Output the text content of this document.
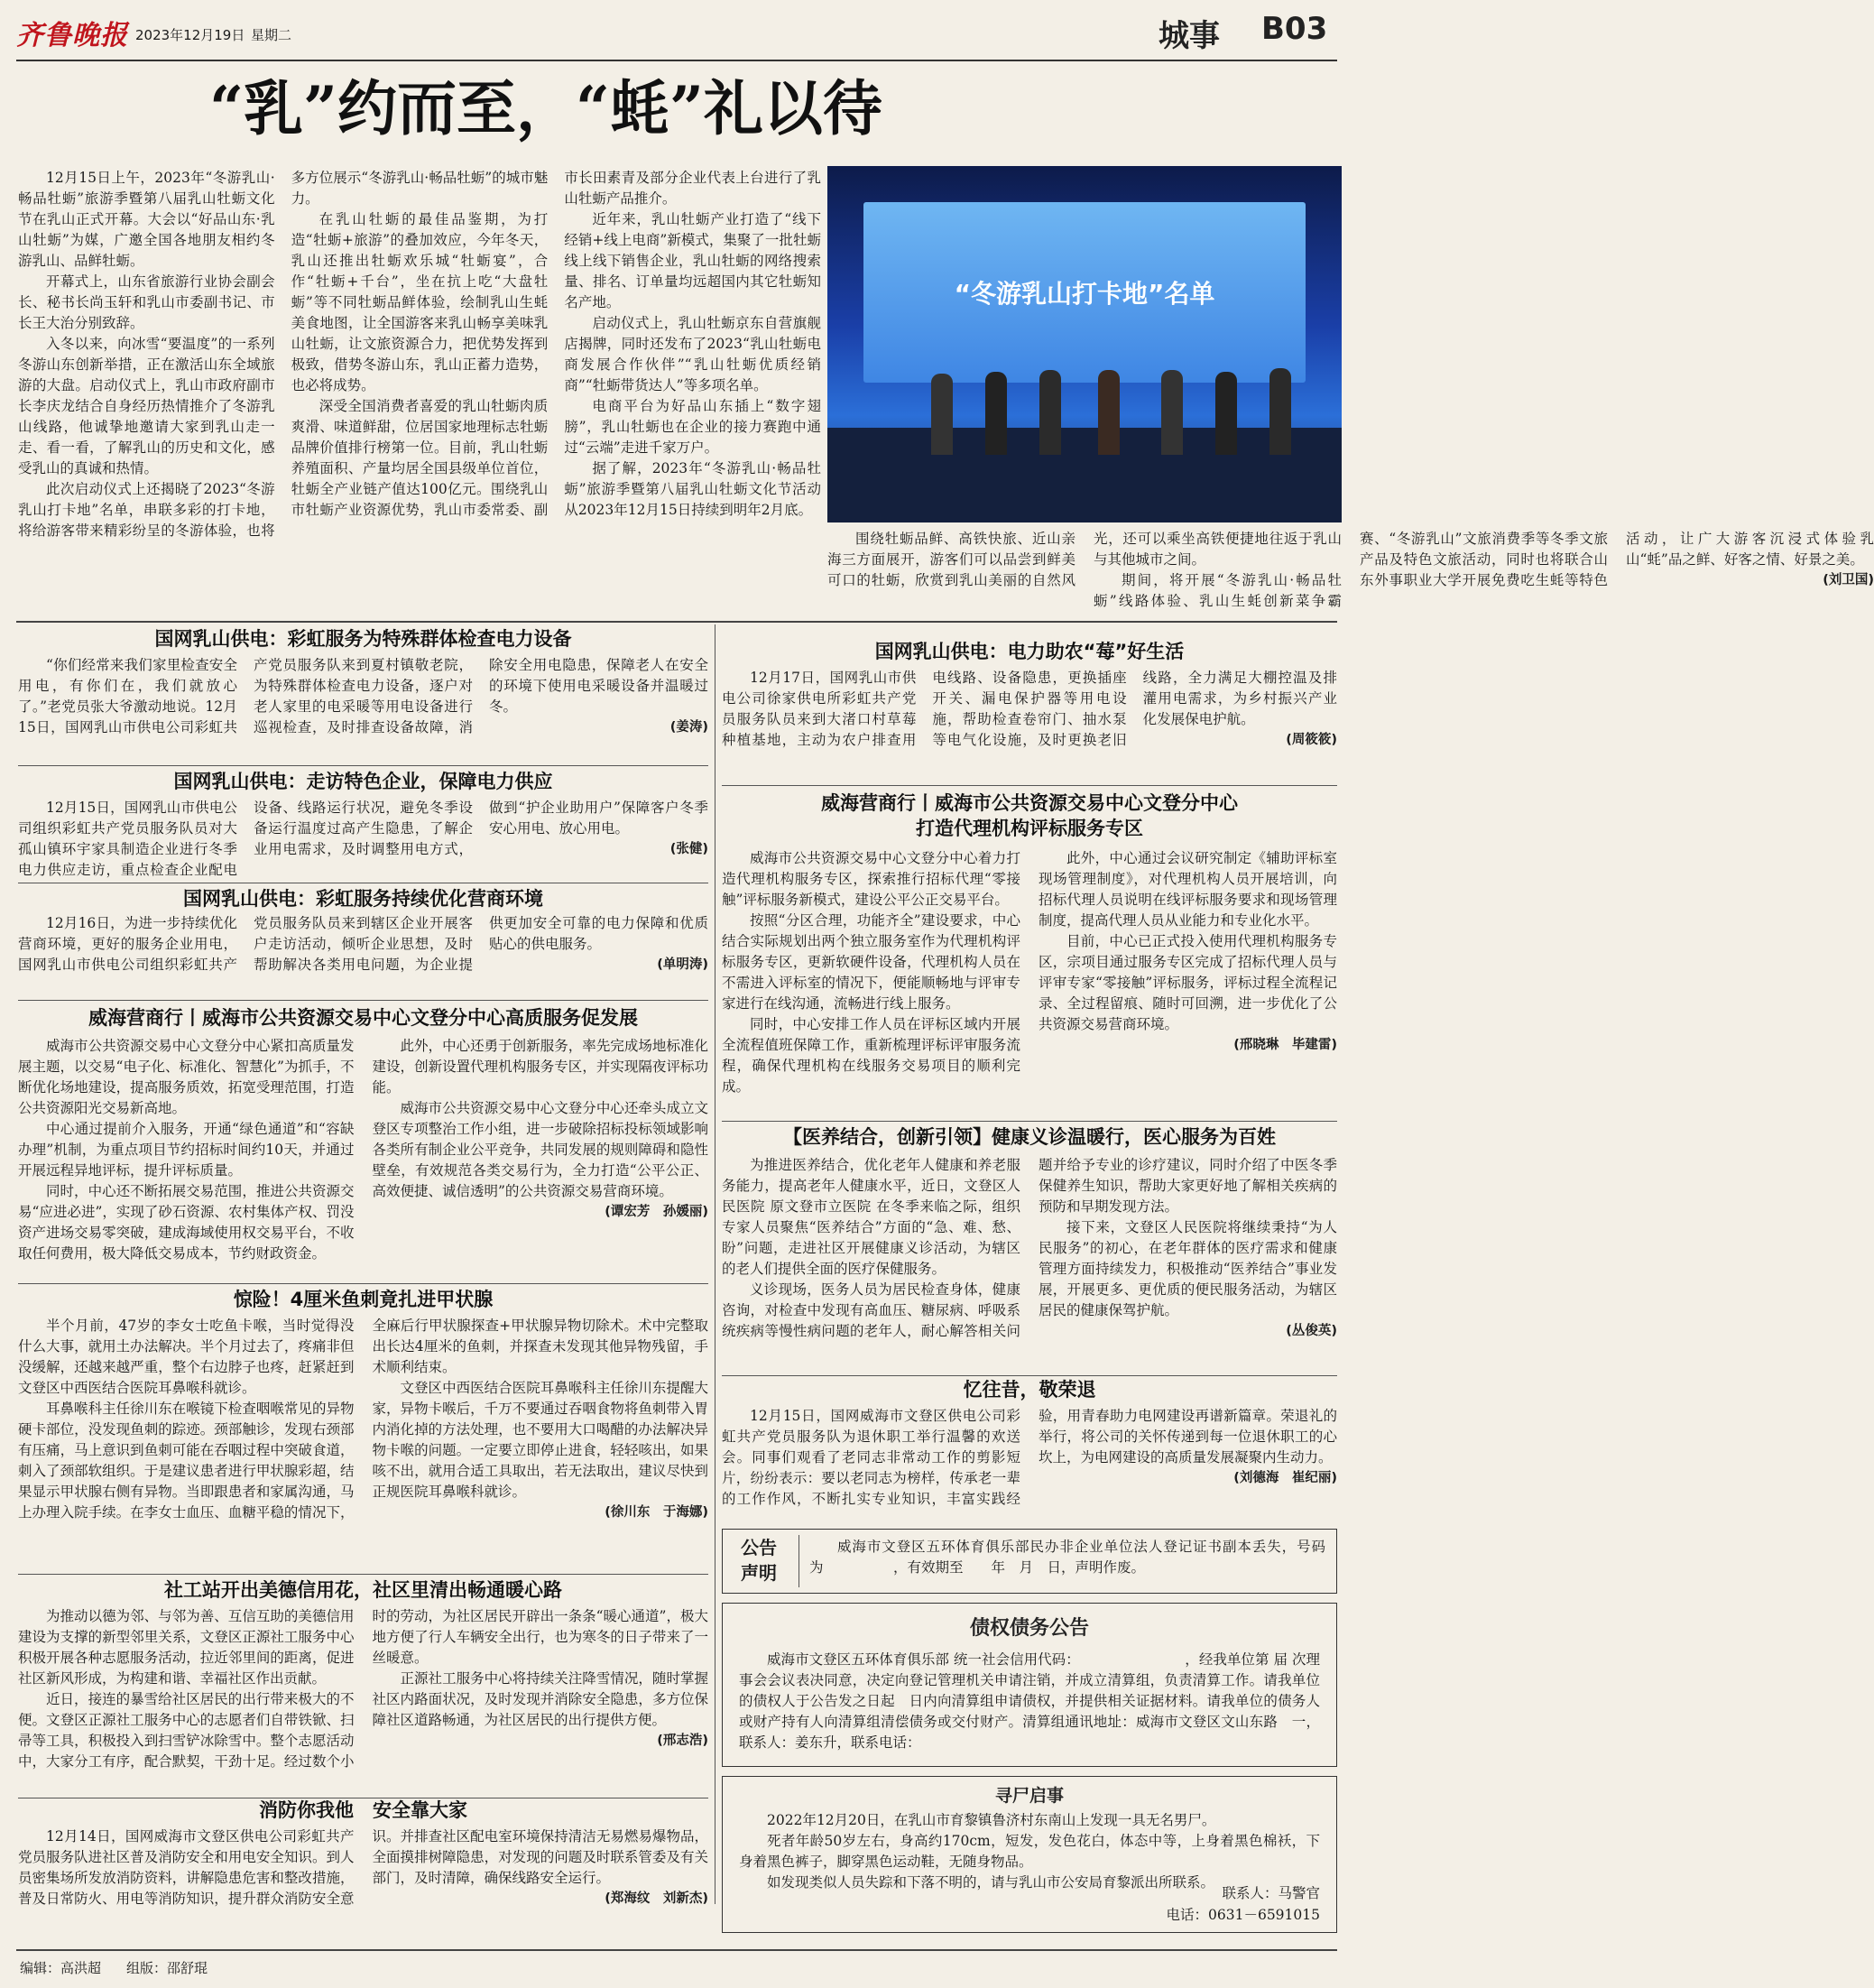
齐鲁晚报 2023年12月19日 星期二	城事 B03
“乳”约而至，“蚝”礼以待

12月15日上午，2023年“冬游乳山·畅品牡蛎”旅游季暨第八届乳山牡蛎文化节在乳山正式开幕。大会以“好品山东·乳山牡蛎”为媒，广邀全国各地朋友相约冬游乳山、品鲜牡蛎。

开幕式上，山东省旅游行业协会副会长、秘书长尚玉轩和乳山市委副书记、市长王大治分别致辞。

入冬以来，向冰雪“要温度”的一系列冬游山东创新举措，正在激活山东全域旅游的大盘。启动仪式上，乳山市政府副市长李庆龙结合自身经历热情推介了冬游乳山线路，他诚挚地邀请大家到乳山走一走、看一看，了解乳山的历史和文化，感受乳山的真诚和热情。

此次启动仪式上还揭晓了2023“冬游乳山打卡地”名单，串联多彩的打卡地，将给游客带来精彩纷呈的冬游体验，也将多方位展示“冬游乳山·畅品牡蛎”的城市魅力。

在乳山牡蛎的最佳品鉴期，为打造“牡蛎+旅游”的叠加效应，今年冬天，乳山还推出牡蛎欢乐城“牡蛎宴”，合作“牡蛎+千台”，坐在抗上吃“大盘牡蛎”等不同牡蛎品鲜体验，绘制乳山生蚝美食地图，让全国游客来乳山畅享美味乳山牡蛎，让文旅资源合力，把优势发挥到极致，借势冬游山东，乳山正蓄力造势，也必将成势。

深受全国消费者喜爱的乳山牡蛎肉质爽滑、味道鲜甜，位居国家地理标志牡蛎品牌价值排行榜第一位。目前，乳山牡蛎养殖面积、产量均居全国县级单位首位，牡蛎全产业链产值达100亿元。围绕乳山市牡蛎产业资源优势，乳山市委常委、副市长田素青及部分企业代表上台进行了乳山牡蛎产品推介。

近年来，乳山牡蛎产业打造了“线下经销+线上电商”新模式，集聚了一批牡蛎线上线下销售企业，乳山牡蛎的网络搜索量、排名、订单量均远超国内其它牡蛎知名产地。

启动仪式上，乳山牡蛎京东自营旗舰店揭牌，同时还发布了2023“乳山牡蛎电商发展合作伙伴”“乳山牡蛎优质经销商”“牡蛎带货达人”等多项名单。

电商平台为好品山东插上“数字翅膀”，乳山牡蛎也在企业的接力赛跑中通过“云端”走进千家万户。

据了解，2023年“冬游乳山·畅品牡蛎”旅游季暨第八届乳山牡蛎文化节活动从2023年12月15日持续到明年2月底。

“冬游乳山打卡地”名单

围绕牡蛎品鲜、高铁快旅、近山亲海三方面展开，游客们可以品尝到鲜美可口的牡蛎，欣赏到乳山美丽的自然风光，还可以乘坐高铁便捷地往返于乳山与其他城市之间。

期间，将开展“冬游乳山·畅品牡蛎”线路体验、乳山生蚝创新菜争霸赛、“冬游乳山”文旅消费季等冬季文旅产品及特色文旅活动，同时也将联合山东外事职业大学开展免费吃生蚝等特色活动，让广大游客沉浸式体验乳山“蚝”品之鲜、好客之情、好景之美。

(刘卫国)
国网乳山供电：彩虹服务为特殊群体检查电力设备

“你们经常来我们家里检查安全用电，有你们在，我们就放心了。”老党员张大爷激动地说。12月15日，国网乳山市供电公司彩虹共产党员服务队来到夏村镇敬老院，为特殊群体检查电力设备，逐户对老人家里的电采暖等用电设备进行巡视检查，及时排查设备故障，消除安全用电隐患，保障老人在安全的环境下使用电采暖设备并温暖过冬。

(姜涛)
国网乳山供电：走访特色企业，保障电力供应

12月15日，国网乳山市供电公司组织彩虹共产党员服务队员对大孤山镇环宇家具制造企业进行冬季电力供应走访，重点检查企业配电设备、线路运行状况，避免冬季设备运行温度过高产生隐患，了解企业用电需求，及时调整用电方式，做到“护企业助用户”保障客户冬季安心用电、放心用电。

(张健)
国网乳山供电：彩虹服务持续优化营商环境

12月16日，为进一步持续优化营商环境，更好的服务企业用电，国网乳山市供电公司组织彩虹共产党员服务队员来到辖区企业开展客户走访活动，倾听企业思想，及时帮助解决各类用电问题，为企业提供更加安全可靠的电力保障和优质贴心的供电服务。

(单明涛)
威海营商行丨威海市公共资源交易中心文登分中心高质服务促发展

威海市公共资源交易中心文登分中心紧扣高质量发展主题，以交易“电子化、标准化、智慧化”为抓手，不断优化场地建设，提高服务质效，拓宽受理范围，打造公共资源阳光交易新高地。

中心通过提前介入服务，开通“绿色通道”和“容缺办理”机制，为重点项目节约招标时间约10天，并通过开展远程异地评标，提升评标质量。

同时，中心还不断拓展交易范围，推进公共资源交易“应进必进”，实现了砂石资源、农村集体产权、罚没资产进场交易零突破，建成海域使用权交易平台，不收取任何费用，极大降低交易成本，节约财政资金。

此外，中心还勇于创新服务，率先完成场地标准化建设，创新设置代理机构服务专区，并实现隔夜评标功能。

威海市公共资源交易中心文登分中心还牵头成立文登区专项整治工作小组，进一步破除招标投标领域影响各类所有制企业公平竞争，共同发展的规则障碍和隐性壁垒，有效规范各类交易行为，全力打造“公平公正、高效便捷、诚信透明”的公共资源交易营商环境。

(谭宏芳　孙媛丽)
惊险！4厘米鱼刺竟扎进甲状腺

半个月前，47岁的李女士吃鱼卡喉，当时觉得没什么大事，就用土办法解决。半个月过去了，疼痛非但没缓解，还越来越严重，整个右边脖子也疼，赶紧赶到文登区中西医结合医院耳鼻喉科就诊。

耳鼻喉科主任徐川东在喉镜下检查咽喉常见的异物硬卡部位，没发现鱼刺的踪迹。颈部触诊，发现右颈部有压痛，马上意识到鱼刺可能在吞咽过程中突破食道，刺入了颈部软组织。于是建议患者进行甲状腺彩超，结果显示甲状腺右侧有异物。当即跟患者和家属沟通，马上办理入院手续。在李女士血压、血糖平稳的情况下，全麻后行甲状腺探查+甲状腺异物切除术。术中完整取出长达4厘米的鱼刺，并探查未发现其他异物残留，手术顺利结束。

文登区中西医结合医院耳鼻喉科主任徐川东提醒大家，异物卡喉后，千万不要通过吞咽食物将鱼刺带入胃内消化掉的方法处理，也不要用大口喝醋的办法解决异物卡喉的问题。一定要立即停止进食，轻轻咳出，如果咳不出，就用合适工具取出，若无法取出，建议尽快到正规医院耳鼻喉科就诊。

(徐川东　于海娜)
社工站开出美德信用花，社区里清出畅通暖心路

为推动以德为邻、与邻为善、互信互助的美德信用建设为支撑的新型邻里关系，文登区正源社工服务中心积极开展各种志愿服务活动，拉近邻里间的距离，促进社区新风形成，为构建和谐、幸福社区作出贡献。

近日，接连的暴雪给社区居民的出行带来极大的不便。文登区正源社工服务中心的志愿者们自带铁锨、扫帚等工具，积极投入到扫雪铲冰除雪中。整个志愿活动中，大家分工有序，配合默契，干劲十足。经过数个小时的劳动，为社区居民开辟出一条条“暖心通道”，极大地方便了行人车辆安全出行，也为寒冬的日子带来了一丝暖意。

正源社工服务中心将持续关注降雪情况，随时掌握社区内路面状况，及时发现并消除安全隐患，多方位保障社区道路畅通，为社区居民的出行提供方便。

(邢志浩)
消防你我他　安全靠大家

12月14日，国网威海市文登区供电公司彩虹共产党员服务队进社区普及消防安全和用电安全知识。到人员密集场所发放消防资料，讲解隐患危害和整改措施，普及日常防火、用电等消防知识，提升群众消防安全意识。并排查社区配电室环境保持清洁无易燃易爆物品，全面摸排树障隐患，对发现的问题及时联系管委及有关部门，及时清障，确保线路安全运行。

(郑海纹　刘新杰)
国网乳山供电：电力助农“莓”好生活

12月17日，国网乳山市供电公司徐家供电所彩虹共产党员服务队员来到大渚口村草莓种植基地，主动为农户排查用电线路、设备隐患，更换插座开关、漏电保护器等用电设施，帮助检查卷帘门、抽水泵等电气化设施，及时更换老旧线路，全力满足大棚控温及排灌用电需求，为乡村振兴产业化发展保电护航。

(周筱筱)
威海营商行丨威海市公共资源交易中心文登分中心
打造代理机构评标服务专区

威海市公共资源交易中心文登分中心着力打造代理机构服务专区，探索推行招标代理“零接触”评标服务新模式，建设公平公正交易平台。

按照“分区合理，功能齐全”建设要求，中心结合实际规划出两个独立服务室作为代理机构评标服务专区，更新软硬件设备，代理机构人员在不需进入评标室的情况下，便能顺畅地与评审专家进行在线沟通，流畅进行线上服务。

同时，中心安排工作人员在评标区域内开展全流程值班保障工作，重新梳理评标评审服务流程，确保代理机构在线服务交易项目的顺利完成。

此外，中心通过会议研究制定《辅助评标室现场管理制度》，对代理机构人员开展培训，向招标代理人员说明在线评标服务要求和现场管理制度，提高代理人员从业能力和专业化水平。

目前，中心已正式投入使用代理机构服务专区，宗项目通过服务专区完成了招标代理人员与评审专家“零接触”评标服务，评标过程全流程记录、全过程留痕、随时可回溯，进一步优化了公共资源交易营商环境。

(邢晓琳　毕建雷)
【医养结合，创新引领】健康义诊温暖行，医心服务为百姓

为推进医养结合，优化老年人健康和养老服务能力，提高老年人健康水平，近日，文登区人民医院 原文登市立医院 在冬季来临之际，组织专家人员聚焦“医养结合”方面的“急、难、愁、盼”问题，走进社区开展健康义诊活动，为辖区的老人们提供全面的医疗保健服务。

义诊现场，医务人员为居民检查身体，健康咨询，对检查中发现有高血压、糖尿病、呼吸系统疾病等慢性病问题的老年人，耐心解答相关问题并给予专业的诊疗建议，同时介绍了中医冬季保健养生知识，帮助大家更好地了解相关疾病的预防和早期发现方法。

接下来，文登区人民医院将继续秉持“为人民服务”的初心，在老年群体的医疗需求和健康管理方面持续发力，积极推动“医养结合”事业发展，开展更多、更优质的便民服务活动，为辖区居民的健康保驾护航。

(丛俊英)
忆往昔，敬荣退

12月15日，国网威海市文登区供电公司彩虹共产党员服务队为退休职工举行温馨的欢送会。同事们观看了老同志非常动工作的剪影短片，纷纷表示：要以老同志为榜样，传承老一辈的工作作风，不断扎实专业知识，丰富实践经验，用青春助力电网建设再谱新篇章。荣退礼的举行，将公司的关怀传递到每一位退休职工的心坎上，为电网建设的高质量发展凝聚内生动力。

(刘德海　崔纪丽)
公告
声明
威海市文登区五环体育俱乐部民办非企业单位法人登记证书副本丢失，号码为　　　　　，有效期至　　年　月　日，声明作废。
债权债务公告
威海市文登区五环体育俱乐部 统一社会信用代码：　　　　　　　　，经我单位第 届 次理事会会议表决同意，决定向登记管理机关申请注销，并成立清算组，负责清算工作。请我单位的债权人于公告发之日起　日内向清算组申请债权，并提供相关证据材料。请我单位的债务人或财产持有人向清算组清偿债务或交付财产。清算组通讯地址：威海市文登区文山东路　一，联系人：姜东升，联系电话：
寻尸启事

2022年12月20日，在乳山市育黎镇鲁济村东南山上发现一具无名男尸。

死者年龄50岁左右，身高约170cm，短发，发色花白，体态中等，上身着黑色棉袄，下身着黑色裤子，脚穿黑色运动鞋，无随身物品。

如发现类似人员失踪和下落不明的，请与乳山市公安局育黎派出所联系。

联系人：马警官
电话：0631－6591015
编辑：高洪超 组版：邵舒琨
